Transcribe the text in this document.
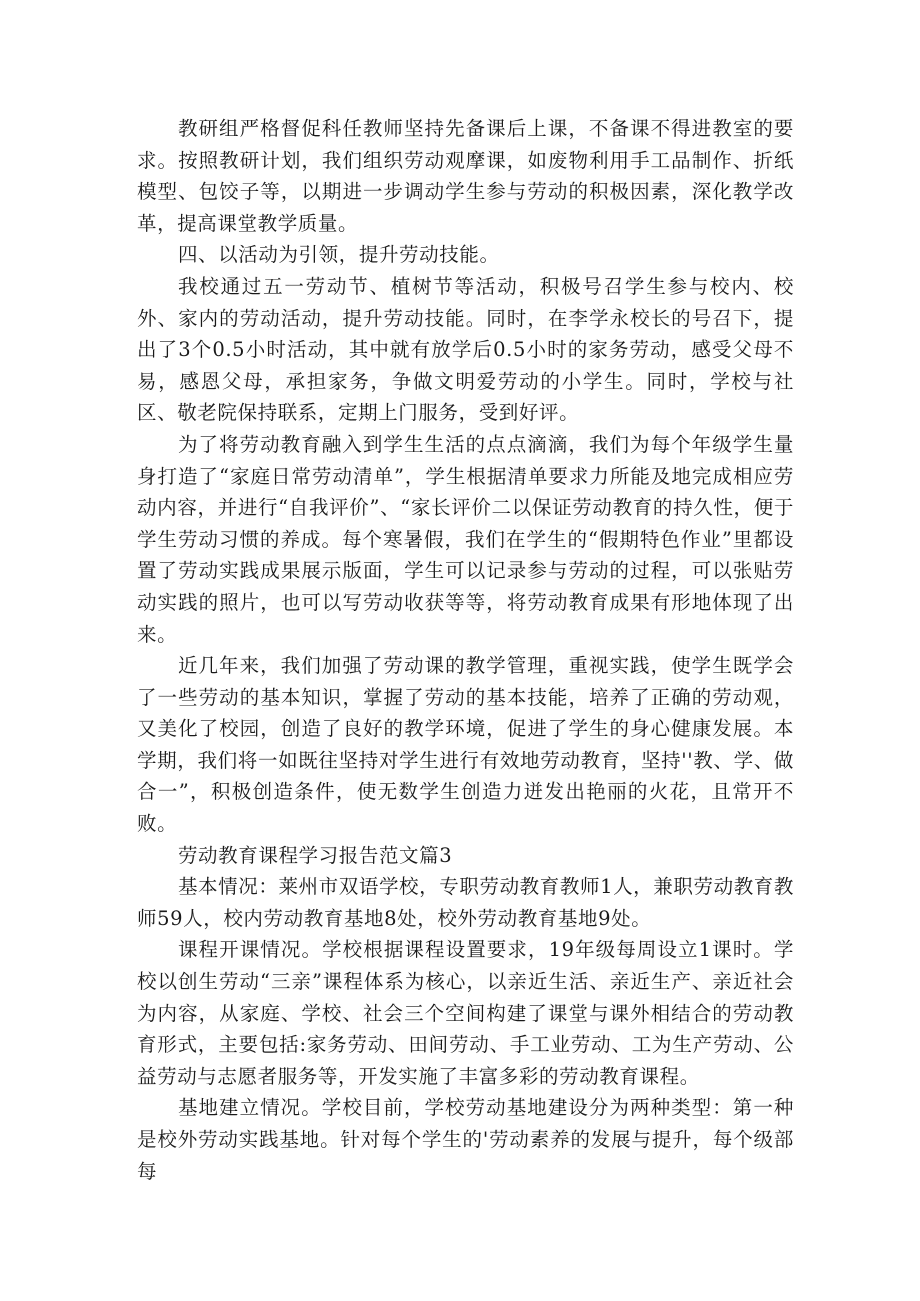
教研组严格督促科任教师坚持先备课后上课，不备课不得进教室的要求。按照教研计划，我们组织劳动观摩课，如废物利用手工品制作、折纸模型、包饺子等，以期进一步调动学生参与劳动的积极因素，深化教学改革，提高课堂教学质量。

四、以活动为引领，提升劳动技能。

我校通过五一劳动节、植树节等活动，积极号召学生参与校内、校外、家内的劳动活动，提升劳动技能。同时，在李学永校长的号召下，提出了3个0.5小时活动，其中就有放学后0.5小时的家务劳动，感受父母不易，感恩父母，承担家务，争做文明爱劳动的小学生。同时，学校与社区、敬老院保持联系，定期上门服务，受到好评。

为了将劳动教育融入到学生生活的点点滴滴，我们为每个年级学生量身打造了“家庭日常劳动清单”，学生根据清单要求力所能及地完成相应劳动内容，并进行“自我评价”、“家长评价二以保证劳动教育的持久性，便于学生劳动习惯的养成。每个寒暑假，我们在学生的“假期特色作业”里都设置了劳动实践成果展示版面，学生可以记录参与劳动的过程，可以张贴劳动实践的照片，也可以写劳动收获等等，将劳动教育成果有形地体现了出来。

近几年来，我们加强了劳动课的教学管理，重视实践，使学生既学会了一些劳动的基本知识，掌握了劳动的基本技能，培养了正确的劳动观，又美化了校园，创造了良好的教学环境，促进了学生的身心健康发展。本学期，我们将一如既往坚持对学生进行有效地劳动教育，坚持''教、学、做合一”，积极创造条件，使无数学生创造力迸发出艳丽的火花，且常开不败。

劳动教育课程学习报告范文篇3

基本情况：莱州市双语学校，专职劳动教育教师1人，兼职劳动教育教师59人，校内劳动教育基地8处，校外劳动教育基地9处。

课程开课情况。学校根据课程设置要求，19年级每周设立1课时。学校以创生劳动“三亲”课程体系为核心，以亲近生活、亲近生产、亲近社会为内容，从家庭、学校、社会三个空间构建了课堂与课外相结合的劳动教育形式，主要包括:家务劳动、田间劳动、手工业劳动、工为生产劳动、公益劳动与志愿者服务等，开发实施了丰富多彩的劳动教育课程。

基地建立情况。学校目前，学校劳动基地建设分为两种类型：第一种是校外劳动实践基地。针对每个学生的'劳动素养的发展与提升，每个级部每
